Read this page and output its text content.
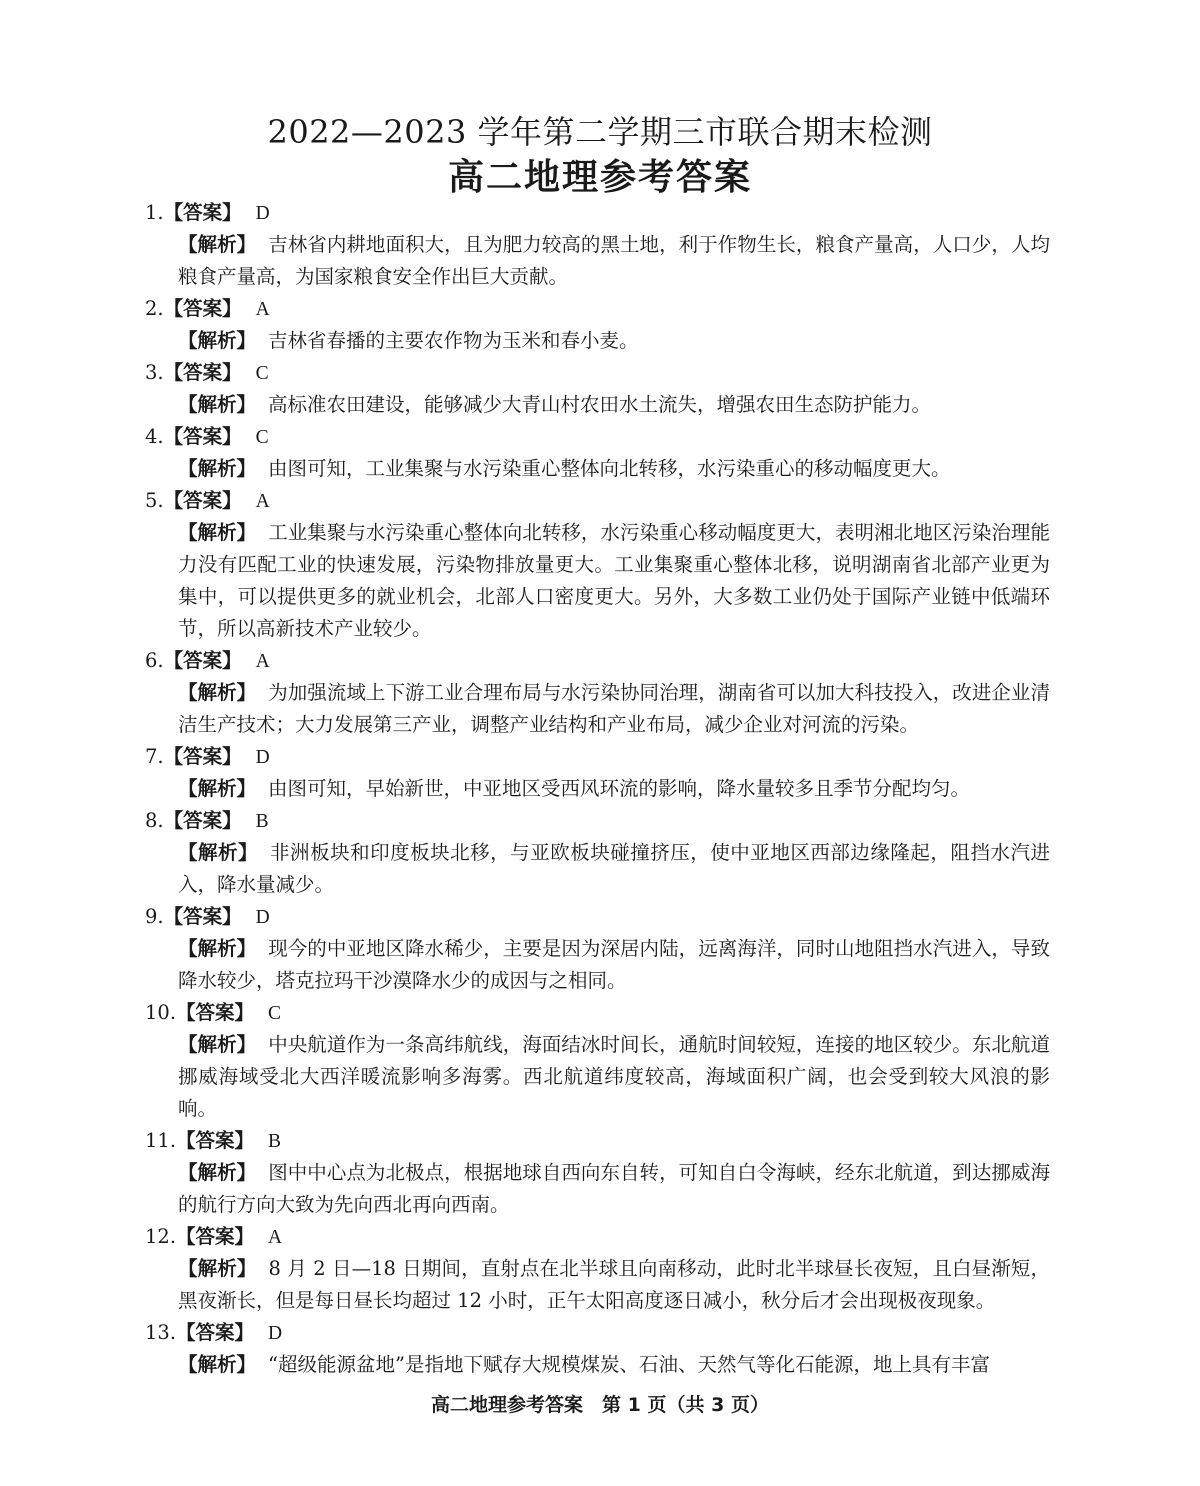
2022—2023 学年第二学期三市联合期末检测
高二地理参考答案
1.【答案】 D
【解析】 吉林省内耕地面积大，且为肥力较高的黑土地，利于作物生长，粮食产量高，人口少，人均粮食产量高，为国家粮食安全作出巨大贡献。
2.【答案】 A
【解析】 吉林省春播的主要农作物为玉米和春小麦。
3.【答案】 C
【解析】 高标准农田建设，能够减少大青山村农田水土流失，增强农田生态防护能力。
4.【答案】 C
【解析】 由图可知，工业集聚与水污染重心整体向北转移，水污染重心的移动幅度更大。
5.【答案】 A
【解析】 工业集聚与水污染重心整体向北转移，水污染重心移动幅度更大，表明湘北地区污染治理能力没有匹配工业的快速发展，污染物排放量更大。工业集聚重心整体北移，说明湖南省北部产业更为集中，可以提供更多的就业机会，北部人口密度更大。另外，大多数工业仍处于国际产业链中低端环节，所以高新技术产业较少。
6.【答案】 A
【解析】 为加强流域上下游工业合理布局与水污染协同治理，湖南省可以加大科技投入，改进企业清洁生产技术；大力发展第三产业，调整产业结构和产业布局，减少企业对河流的污染。
7.【答案】 D
【解析】 由图可知，早始新世，中亚地区受西风环流的影响，降水量较多且季节分配均匀。
8.【答案】 B
【解析】 非洲板块和印度板块北移，与亚欧板块碰撞挤压，使中亚地区西部边缘隆起，阻挡水汽进入，降水量减少。
9.【答案】 D
【解析】 现今的中亚地区降水稀少，主要是因为深居内陆，远离海洋，同时山地阻挡水汽进入，导致降水较少，塔克拉玛干沙漠降水少的成因与之相同。
10.【答案】 C
【解析】 中央航道作为一条高纬航线，海面结冰时间长，通航时间较短，连接的地区较少。东北航道挪威海域受北大西洋暖流影响多海雾。西北航道纬度较高，海域面积广阔，也会受到较大风浪的影响。
11.【答案】 B
【解析】 图中中心点为北极点，根据地球自西向东自转，可知自白令海峡，经东北航道，到达挪威海的航行方向大致为先向西北再向西南。
12.【答案】 A
【解析】 8 月 2 日—18 日期间，直射点在北半球且向南移动，此时北半球昼长夜短，且白昼渐短，黑夜渐长，但是每日昼长均超过 12 小时，正午太阳高度逐日减小，秋分后才会出现极夜现象。
13.【答案】 D
【解析】 “超级能源盆地”是指地下赋存大规模煤炭、石油、天然气等化石能源，地上具有丰富
高二地理参考答案　第 1 页（共 3 页）
